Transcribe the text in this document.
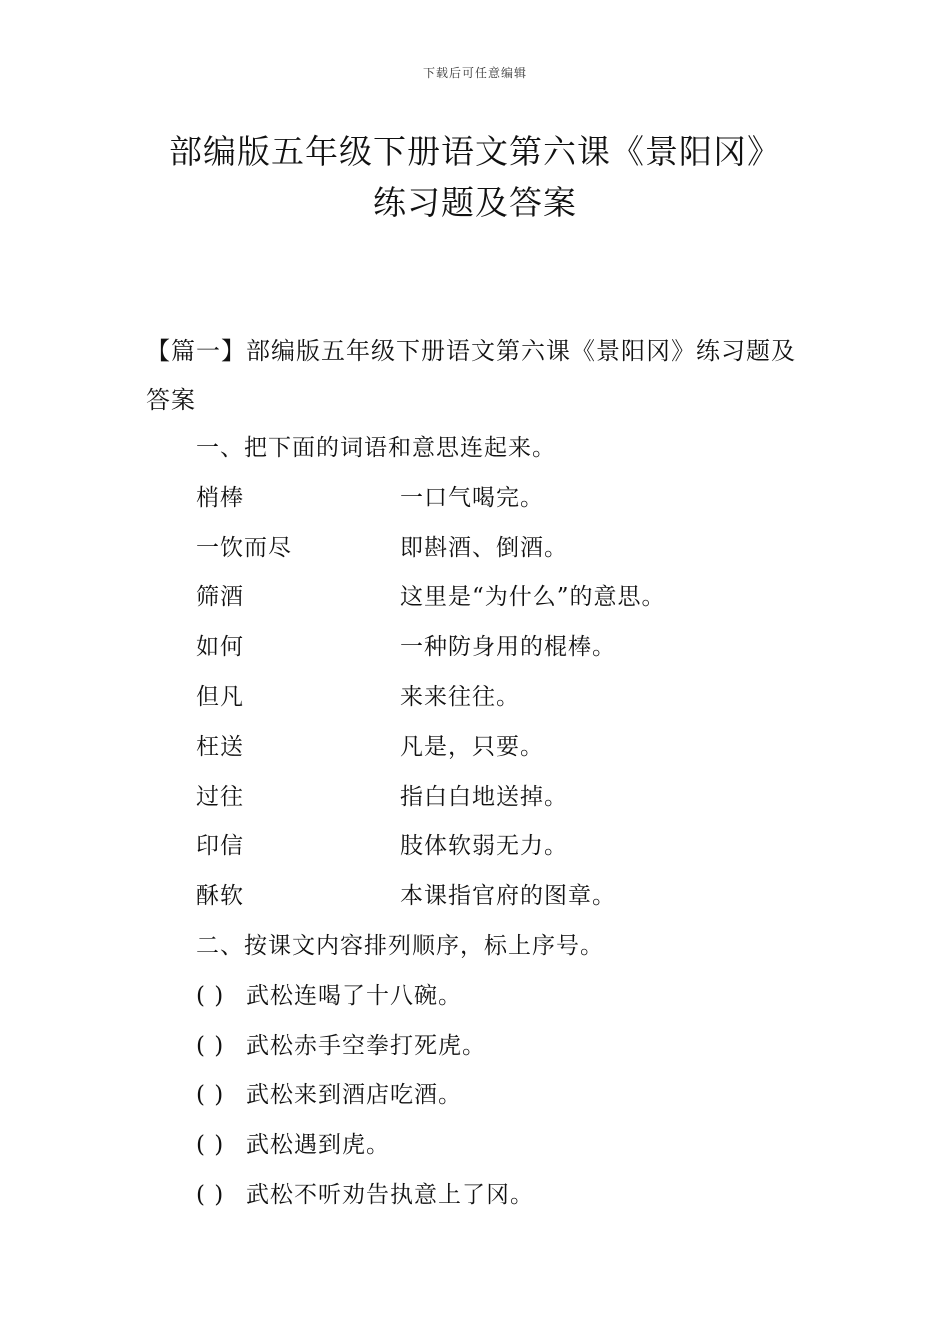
下载后可任意编辑
部编版五年级下册语文第六课《景阳冈》
练习题及答案
【篇一】部编版五年级下册语文第六课《景阳冈》练习题及答案
一、把下面的词语和意思连起来。
梢棒	一口气喝完。
一饮而尽	即斟酒、倒酒。
筛酒	这里是“为什么”的意思。
如何	一种防身用的棍棒。
但凡	来来往往。
枉送	凡是，只要。
过往	指白白地送掉。
印信	肢体软弱无力。
酥软	本课指官府的图章。
二、按课文内容排列顺序，标上序号。
( ) 武松连喝了十八碗。
( ) 武松赤手空拳打死虎。
( ) 武松来到酒店吃酒。
( ) 武松遇到虎。
( ) 武松不听劝告执意上了冈。
